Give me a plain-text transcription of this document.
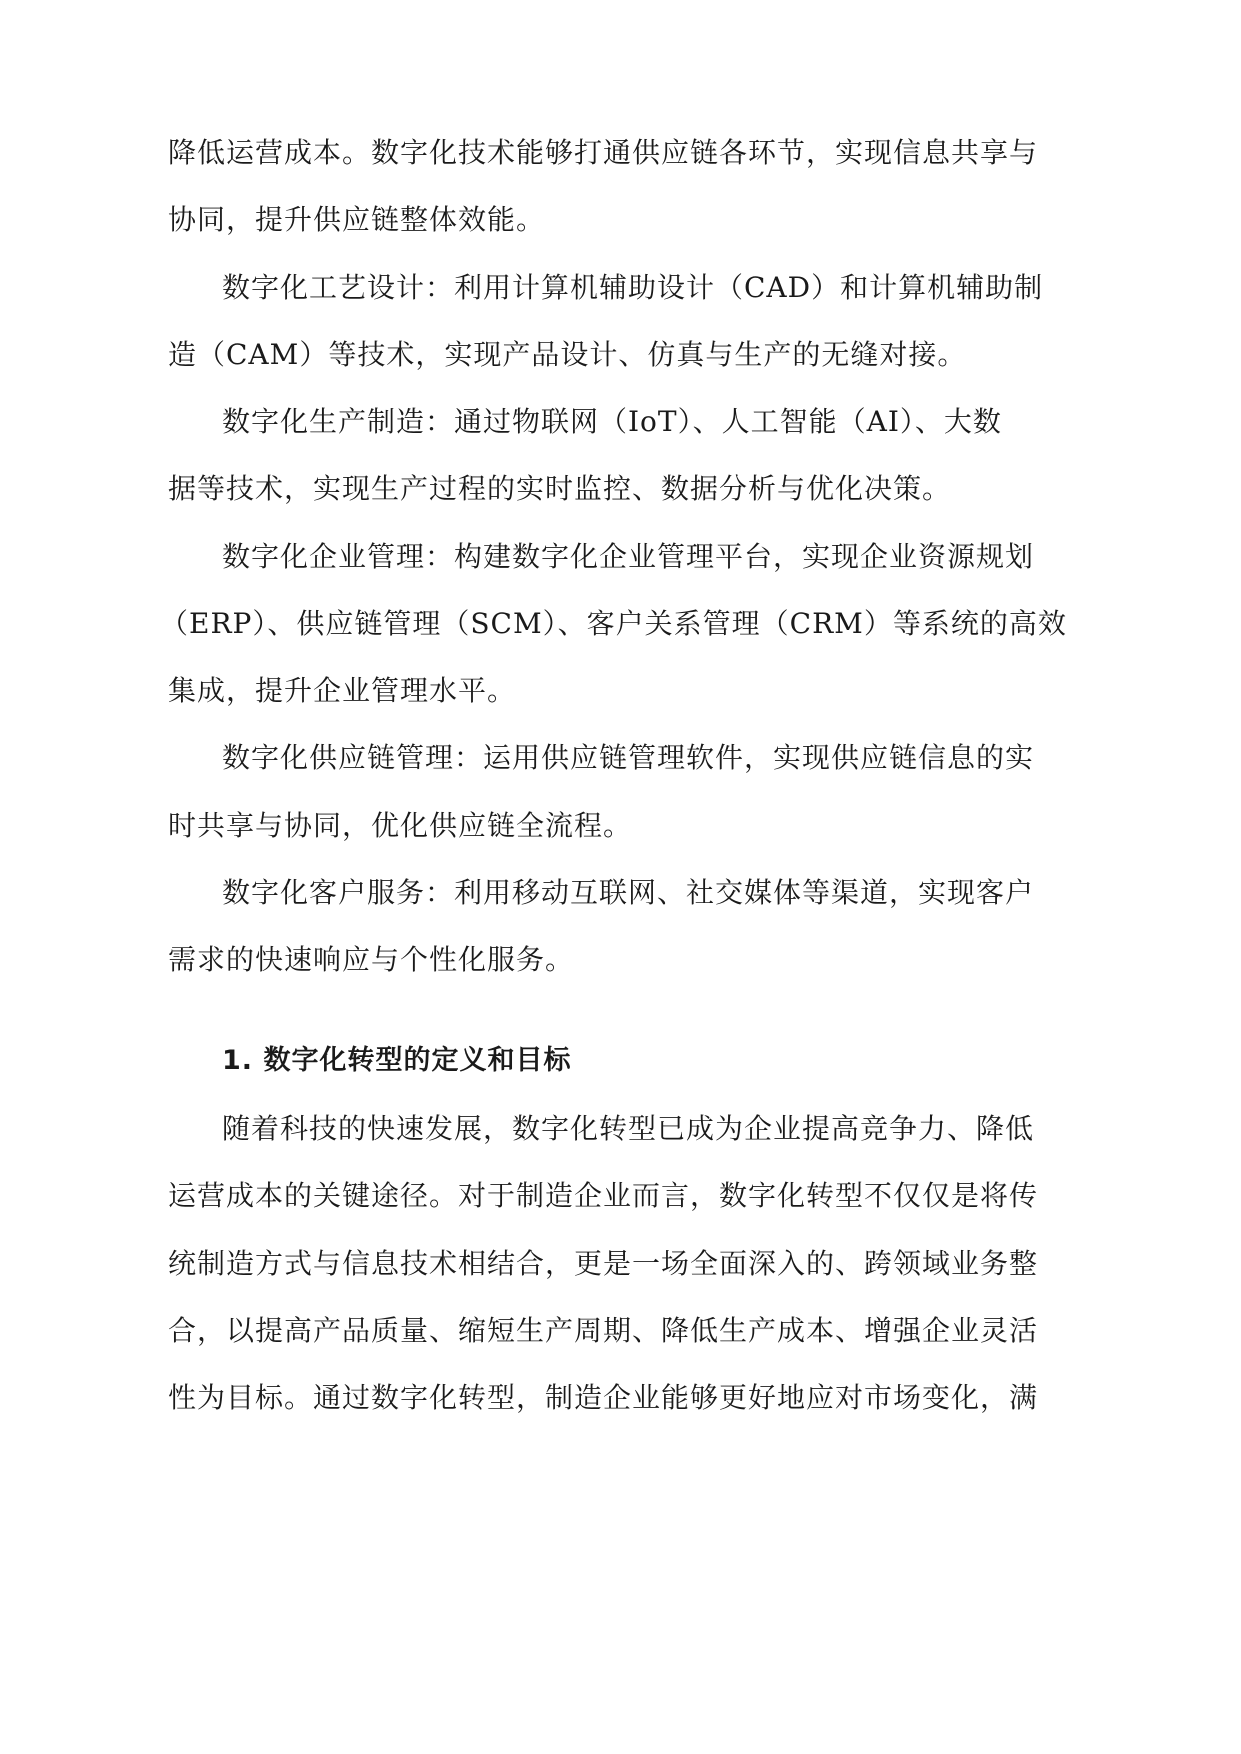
降低运营成本。数字化技术能够打通供应链各环节，实现信息共享与
协同，提升供应链整体效能。
数字化工艺设计：利用计算机辅助设计（CAD）和计算机辅助制
造（CAM）等技术，实现产品设计、仿真与生产的无缝对接。
数字化生产制造：通过物联网（IoT）、人工智能（AI）、大数
据等技术，实现生产过程的实时监控、数据分析与优化决策。
数字化企业管理：构建数字化企业管理平台，实现企业资源规划
（ERP）、供应链管理（SCM）、客户关系管理（CRM）等系统的高效
集成，提升企业管理水平。
数字化供应链管理：运用供应链管理软件，实现供应链信息的实
时共享与协同，优化供应链全流程。
数字化客户服务：利用移动互联网、社交媒体等渠道，实现客户
需求的快速响应与个性化服务。
1. 数字化转型的定义和目标
随着科技的快速发展，数字化转型已成为企业提高竞争力、降低
运营成本的关键途径。对于制造企业而言，数字化转型不仅仅是将传
统制造方式与信息技术相结合，更是一场全面深入的、跨领域业务整
合，以提高产品质量、缩短生产周期、降低生产成本、增强企业灵活
性为目标。通过数字化转型，制造企业能够更好地应对市场变化，满
